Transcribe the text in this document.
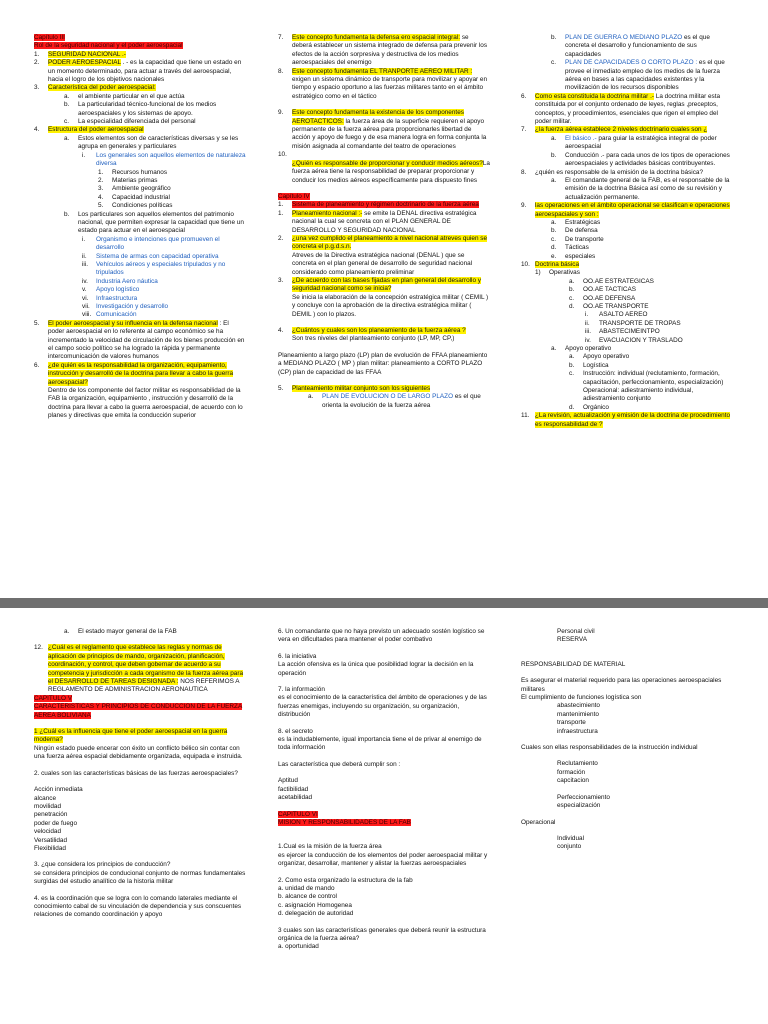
Capítulo III

Rol de la seguridad nacional y el poder aeroespacial

1. SEGURIDAD NACIONAL .-

2. PODER AEROESPACIAL . - es la capacidad que tiene un estado en un momento determinado, para actuar a través del aeroespacial, hacia el logro de los objetivos nacionales

3. Característica del poder aeroespacial:

a. el ambiente particular en el que actúa

b. La particularidad técnico-funcional de los medios aeroespaciales y los sistemas de apoyo.

c. La especialidad diferenciada del personal

4. Estructura del poder aeroespacial

a. Estos elementos son de características diversas y se les agrupa en generales y particulares

i. Los generales son aquellos elementos de naturaleza diversa

1. Recursos humanos

2. Materias primas

3. Ambiente geográfico

4. Capacidad industrial

5. Condiciones políticas

b. Los particulares son aquellos elementos del patrimonio nacional, que permiten expresar la capacidad que tiene un estado para actuar en el aeroespacial

i. Organismo e intenciones que promueven el desarrollo

ii. Sistema de armas con capacidad operativa

iii. Vehículos aéreos y especiales tripulados y no tripulados

iv. Industria Aero náutica

v. Apoyo logístico

vi. Infraestructura

vii. Investigación y desarrollo

viii. Comunicación

5. El poder aeroespacial y su influencia en la defensa nacional : El poder aeroespacial en lo referente al campo económico se ha incrementado la velocidad de circulación de los bienes producción en el campo socio político se ha logrado la rápida y permanente intercomunicación de valores humanos

6. ¿de quién es la responsabilidad la organización, equipamiento, instrucción y desarrolló de la doctrina para llevar a cabo la guerra aeroespacial?

Dentro de los componente del factor militar es responsabilidad de la FAB la organización, equipamiento , instrucción y desarrolló de la doctrina para llevar a cabo la guerra aeroespacial, de acuerdo con lo planes y directivas que emita la conducción superior

7. Este concepto fundamenta la defensa ero espacial integral: se deberá establecer un sistema integrado de defensa para prevenir los efectos de la acción sorpresiva y destructiva de los medios aeroespaciales del enemigo

8. Este concepto fundamenta EL TRANPORTE AEREO MILITAR : exigen un sistema dinámico de transporte para movilizar y apoyar en tiempo y espacio oportuno a las fuerzas militares tanto en el ámbito estratégico como en el táctico

9. Este concepto fundamenta la existencia de los componentes AEROTACTICOS: la fuerza área de la superficie requieren el apoyo permanente de la fuerza aérea para proporcionarles libertad de acción y apoyo de fuego y de esa manera logra en forma conjunta la misión asignada al comandante del teatro de operaciones

10.

¿Quién es responsable de proporcionar y conducir medios aéreos?La fuerza aérea tiene la responsabilidad de preparar proporcionar y conducir los medios aéreos específicamente para dispuesto fines

Capítulo IV

1. Sistema de planeamiento y régimen doctrinario de la fuerza aérea

1. Planeamiento nacional :- se emite la DENAL directiva estratégica nacional la cual se concreta con el PLAN GENERAL DE DESARROLLO Y SEGURIDAD NACIONAL

2. ¿una vez cumplido el planeamiento a nivel nacional atreves quien se concreta el p.g.d.s.n.

Atreves de la Directiva estratégica nacional (DENAL ) que se concreta en el plan general de desarrollo de seguridad nacional considerado como planeamiento preliminar

3. ¿De acuerdo con las bases fijadas en plan general del desarrollo y seguridad nacional como se inicia?

Se inicia la elaboración de la concepción estratégica militar ( CEMIL ) y concluye con la aprobación de la directiva estratégica militar ( DEMIL ) con lo plazos.

4. ¿Cuántos y cuales son los planeamiento de la fuerza aérea ?

Son tres niveles del planteamiento conjunto (LP, MP, CP,)

Planeamiento a largo plazo (LP) plan de evolución de FFAA planeamiento a MEDIANO PLAZO ( MP ) plan militar: planeamiento a CORTO PLAZO (CP) plan de capacidad de las FFAA

5. Planteamiento militar conjunto son los siguientes

a. PLAN DE EVOLUCION O DE LARGO PLAZO es el que orienta la evolución de la fuerza aérea

b. PLAN DE GUERRA O MEDIANO PLAZO es el que concreta el desarrollo y funcionamiento de sus capacidades

c. PLAN DE CAPACIDADES O CORTO PLAZO : es el que provee el inmediato empleo de los medios de la fuerza aérea en bases a las capacidades existentes y la movilización de los recursos disponibles

6. Como esta constituida la doctrina militar .- La doctrina militar esta constituida por el conjunto ordenado de leyes, reglas ,preceptos, conceptos, y procedimientos, esenciales que rigen el empleo del poder militar.

7. ¿la fuerza aérea establece 2 niveles doctrinario cuales son ¿

a. El básico .- para guiar la estratégica integral de poder aeroespacial

b. Conducción .- para cada unos de los tipos de operaciones aeroespaciales y actividades básicas contribuyentes.

8. ¿quién es responsable de la emisión de la doctrina básica?

a. El comandante general de la FAB, es el responsable de la emisión de la doctrina Básica así como de su revisión y actualización permanente.

9. las operaciones en el ámbito operacional se clasifican e operaciones aeroespaciales y son :

a. Estratégicas

b. De defensa

c. De transporte

d. Tácticas

e. especiales

10. Doctrina básica

1) Operativas

a. OO.AE ESTRATEGICAS

b. OO.AE TACTICAS

c. OO.AE DEFENSA

d. OO.AE TRANSPORTE

i. ASALTO AEREO

ii. TRANSPORTE DE TROPAS

iii. ABASTECIMEINTPO

iv. EVACUACION Y TRASLADO

a. Apoyo operativo

a. Apoyo operativo

b. Logística

c. Instrucción: individual (reclutamiento, formación, capacitación, perfeccionamiento, especialización) Operacional: adiestramiento individual, adiestramiento conjunto

d. Orgánico

11. ¿La revisión, actualización y emisión de la doctrina de procedimiento es responsabilidad de ?

a. El estado mayor general de la FAB

12. ¿Cuál es el reglamento que establece las reglas y normas de aplicación de principios de mando, organización, planificación, coordinación, y control, que deben gobernar de acuerdo a su competencia y jurisdicción a cada organismo de la fuerza aérea para el DESARROLLO DE TAREAS DESIGNADA : NOS REFERIMOS A REGLAMENTO DE ADMINISTRACION AERONAUTICA

CAPITULO V

CARACTERISTICAS Y PRINCIPIOS DE CONDUCCION DE LA FUERZA AEREA BOLIVIANA

1 ¿Cuál es la influencia que tiene el poder aeroespacial en la guerra moderna?

Ningún estado puede encerar con éxito un conflicto bélico sin contar con una fuerza aérea espacial debidamente organizada, equipada e instruida.

2. cuales son las características básicas de las fuerzas aeroespaciales?

Acción inmediata

alcance

movilidad

penetración

poder de fuego

velocidad

Versatilidad

Flexibilidad

3. ¿que considera los principios de conducción?

se considera principios de conducional conjunto de normas fundamentales surgidas del estudio analítico de la historia militar

4. es la coordinación que se logra con lo comando laterales mediante el conocimiento cabal de su vinculación de dependencia y sus conscuentes relaciones de comando coordinación y apoyo

6. Un comandante que no haya previsto un adecuado sostén logístico se vera en dificultades para mantener el poder combativo

6. la iniciativa

La acción ofensiva es la única que posibilidad lograr la decisión en la operación

7. la información

es el conocimiento de la característica del ámbito de operaciones y de las fuerzas enemigas, incluyendo su organización, su organización, distribución

8. el secreto

es la indudablemente, igual importancia tiene el de privar al enemigo de toda información

Las característica que deberá cumplir son :

Aptitud

factibilidad

acetabilidad

CAPITULO VI

MISION Y RESPONSABILIDADES DE LA FAB

1.Cual es la misión de la fuerza área

es ejercer la conducción de los elementos del poder aeroespacial militar y organizar, desarrollar, mantener y alistar la fuerzas aeroespaciales

2. Como esta organizado la estructura de la fab

a. unidad de mando

b. alcance de control

c. asignación Homogenea

d. delegación de autoridad

3 cuales son las características generales que deberá reunir la estructura orgánica de la fuerza aérea?

a. oportunidad

Personal civil

RESERVA

RESPONSABILIDAD DE MATERIAL

Es asegurar el material requerido para las operaciones aeroespaciales militares

El cumplimiento de funciones logística son

abastecimiento

mantenimiento

transporte

infraestructura

Cuales son ellas responsabilidades de la instrucción individual

Reclutamiento

formación

capcitacion

Perfeccionamiento

especialización

Operacional

Individual

conjunto
